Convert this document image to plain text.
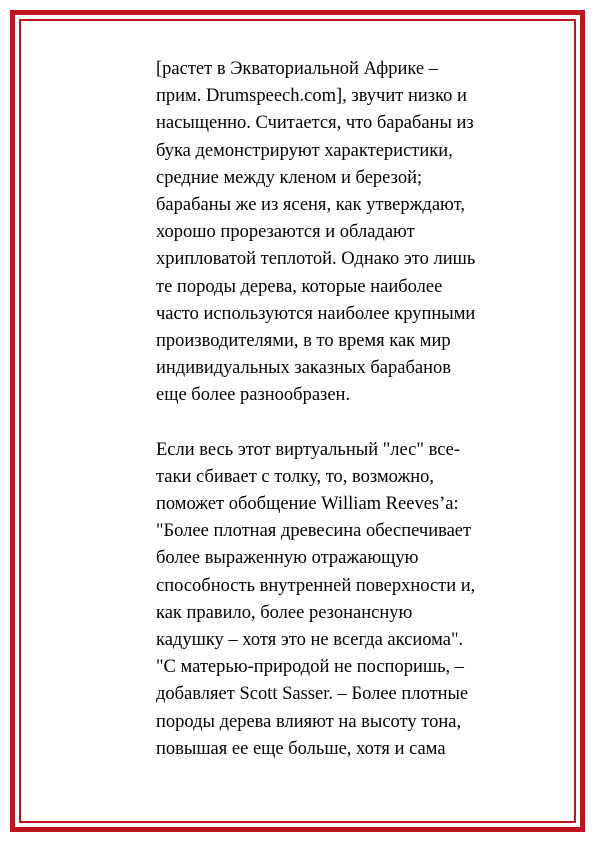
[растет в Экваториальной Африке –
прим. Drumspeech.com], звучит низко и
насыщенно. Считается, что барабаны из
бука демонстрируют характеристики,
средние между кленом и березой;
барабаны же из ясеня, как утверждают,
хорошо прорезаются и обладают
хрипловатой теплотой. Однако это лишь
те породы дерева, которые наиболее
часто используются наиболее крупными
производителями, в то время как мир
индивидуальных заказных барабанов
еще более разнообразен.
Если весь этот виртуальный "лес" все-
таки сбивает с толку, то, возможно,
поможет обобщение William Reeves’а:
"Более плотная древесина обеспечивает
более выраженную отражающую
способность внутренней поверхности и,
как правило, более резонансную
кадушку – хотя это не всегда аксиома".
"С матерью-природой не поспоришь, –
добавляет Scott Sasser. – Более плотные
породы дерева влияют на высоту тона,
повышая ее еще больше, хотя и сама
